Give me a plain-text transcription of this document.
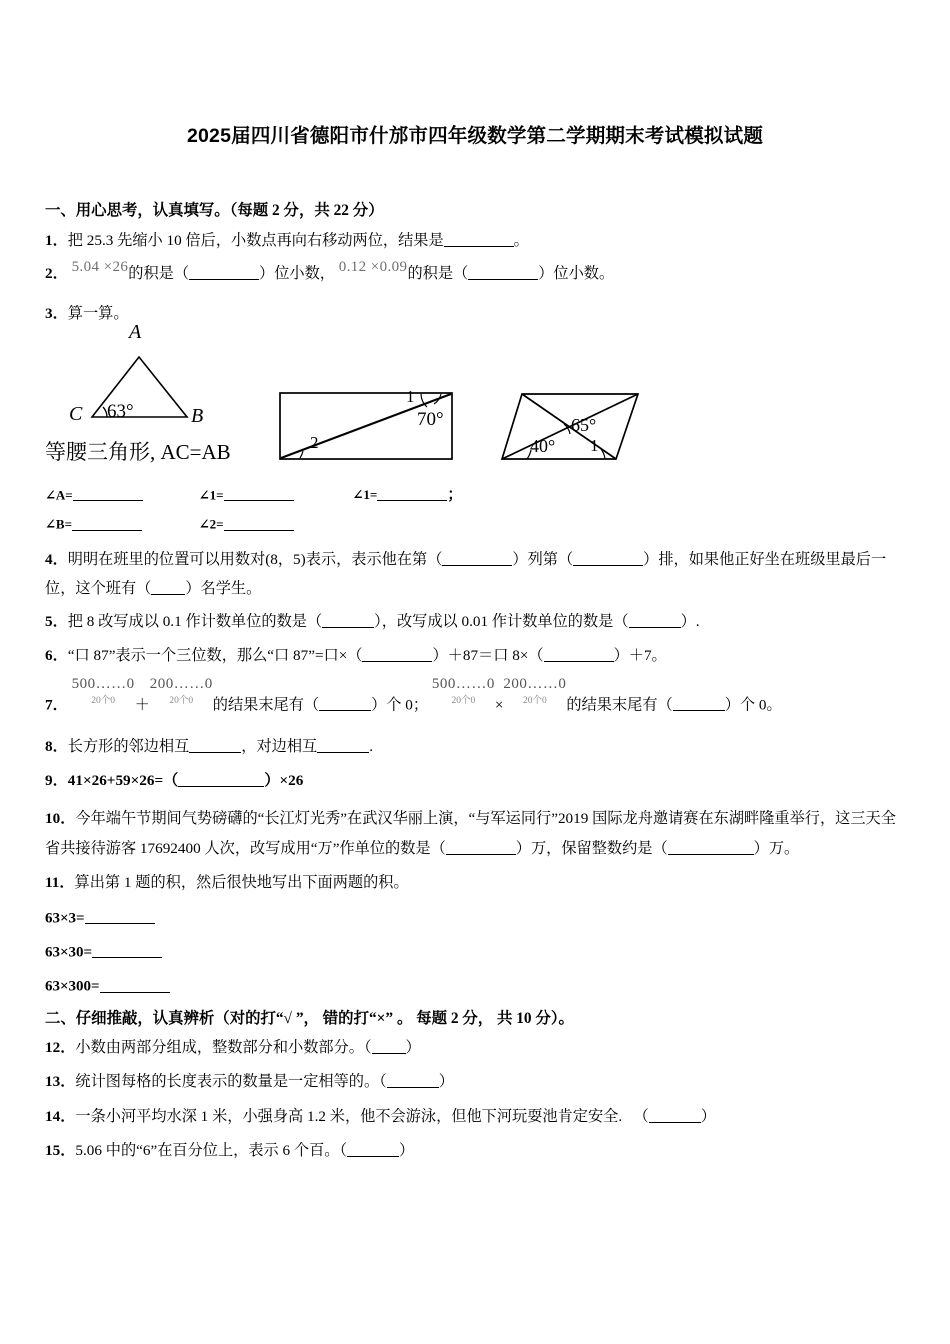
2025届四川省德阳市什邡市四年级数学第二学期期末考试模拟试题
一、用心思考，认真填写。（每题 2 分，共 22 分）
1．把 25.3 先缩小 10 倍后，小数点再向右移动两位，结果是	。
2． 5.04 ×26的积是（	）位小数， 0.12 ×0.09的积是（	）位小数。
3．算一算。
A
B
C 63°
等腰三角形, AC=AB
1
70°
2
65°
40° 1
∠A=	∠1=	∠1=	；
∠B=	∠2=
4．明明在班里的位置可以用数对(8，5)表示，表示他在第（	）列第（	）排，如果他正好坐在班级里最后一位，这个班有（ ）名学生。
5．把 8 改写成以 0.1 作计数单位的数是（	），改写成以 0.01 作计数单位的数是（	）.
6．“口 87”表示一个三位数，那么“口 87”=口×（	）＋87＝口 8×（	）＋7。
7．
500……0
20个0	＋
200……0
20个0	的结果末尾有（	）个 0；
500……0
20个0	×
200……0
20个0	的结果末尾有（	）个 0。
8．长方形的邻边相互	，对边相互	.
9．41×26+59×26=（	）×26
10．今年端午节期间气势磅礴的“长江灯光秀”在武汉华丽上演，“与军运同行”2019 国际龙舟邀请赛在东湖畔隆重举行，这三天全省共接待游客 17692400 人次，改写成用“万”作单位的数是（	）万，保留整数约是（	）万。
11．算出第 1 题的积，然后很快地写出下面两题的积。
63×3=
63×30=
63×300=
二、仔细推敲，认真辨析（对的打“√ ”， 错的打“×” 。 每题 2 分， 共 10 分）。
12．小数由两部分组成，整数部分和小数部分。（ ）
13．统计图每格的长度表示的数量是一定相等的。（	）
14．一条小河平均水深 1 米，小强身高 1.2 米，他不会游泳，但他下河玩耍池肯定安全. （	）
15．5.06 中的“6”在百分位上，表示 6 个百。（	）
